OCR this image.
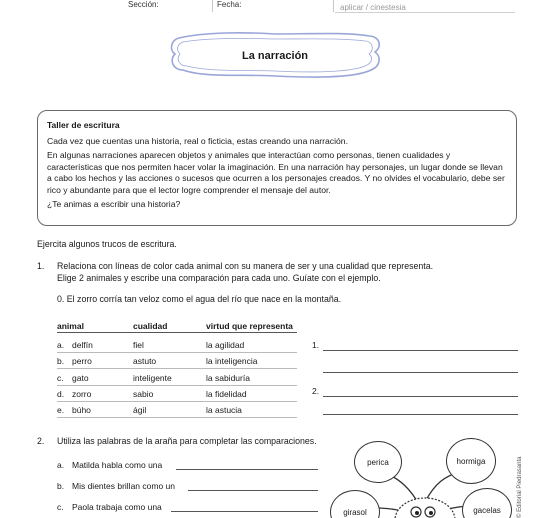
Sección:	Fecha:	aplicar / cinestesia
La narración
Taller de escritura

Cada vez que cuentas una historia, real o ficticia, estas creando una narración.

En algunas narraciones aparecen objetos y animales que interactúan como personas, tienen cualidades y características que nos permiten hacer volar la imaginación. En una narración hay personajes, un lugar donde se llevan a cabo los hechos y las acciones o sucesos que ocurren a los personajes creados. Y no olvides el vocabulario, debe ser rico y abundante para que el lector logre comprender el mensaje del autor.

¿Te animas a escribir una historia?

Ejercita algunos trucos de escritura.
1. Relaciona con líneas de color cada animal con su manera de ser y una cualidad que representa.
Elige 2 animales y escribe una comparación para cada uno. Guíate con el ejemplo.
0. El zorro corría tan veloz como el agua del río que nace en la montaña.
animal	cualidad	virtud que representa
a. delfín	fiel	la agilidad
b. perro	astuto	la inteligencia
c. gato	inteligente	la sabiduría
d. zorro	sabio	la fidelidad
e. búho	ágil	la astucia
1.
2.
2. Utiliza las palabras de la araña para completar las comparaciones.
a. Matilda habla como una
b. Mis dientes brillan como un
c. Paola trabaja como una
perica	hormiga
girasol	gacelas	© Editorial Piedrasanta
